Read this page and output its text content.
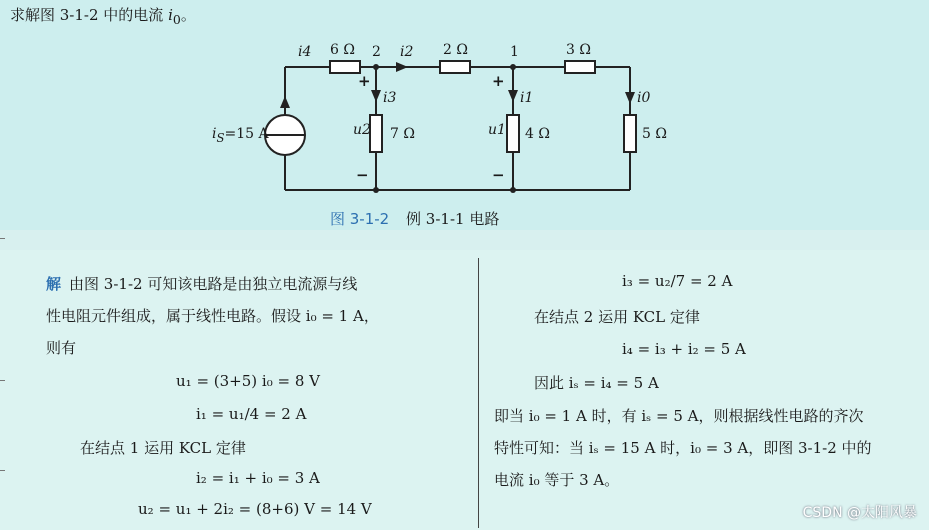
求解图 3-1-2 中的电流 $i_0$。
6 Ω	2 Ω	3 Ω
7 Ω	4 Ω	5 Ω
i4	i2
i3	i1	i0
u2	u1
2	1
+	+
−	−
$i_S=15$ A
图 3-1-2 例 3-1-1 电路
解 由图 3-1-2 可知该电路是由独立电流源与线
性电阻元件组成，属于线性电路。假设 i₀ = 1 A，
则有
u₁ = (3+5) i₀ = 8 V
i₁ = u₁/4 = 2 A
在结点 1 运用 KCL 定律
i₂ = i₁ + i₀ = 3 A
u₂ = u₁ + 2i₂ = (8+6) V = 14 V
i₃ = u₂/7 = 2 A
在结点 2 运用 KCL 定律
i₄ = i₃ + i₂ = 5 A
因此 iₛ = i₄ = 5 A
即当 i₀ = 1 A 时，有 iₛ = 5 A，则根据线性电路的齐次
特性可知：当 iₛ = 15 A 时，i₀ = 3 A，即图 3-1-2 中的
电流 i₀ 等于 3 A。
CSDN @太阳风暴
